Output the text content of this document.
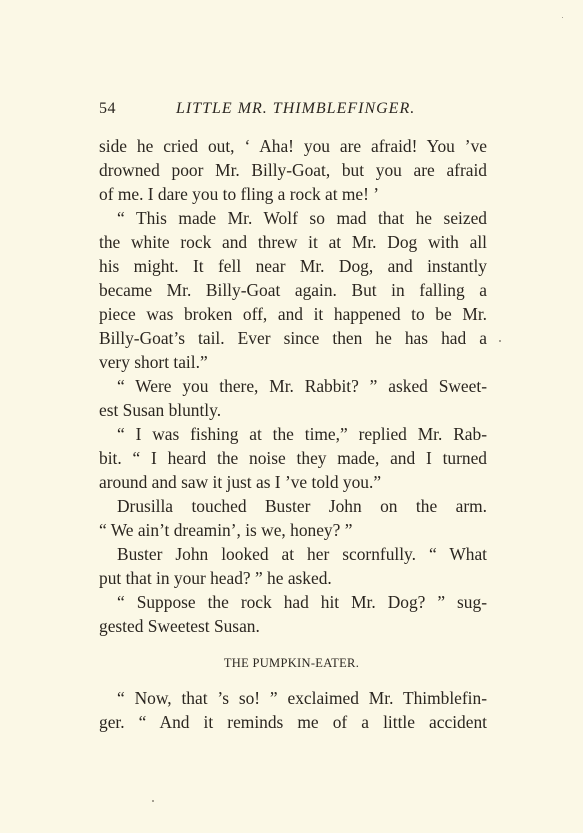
54	LITTLE MR. THIMBLEFINGER.
side he cried out, ‘ Aha! you are afraid! You ’ve
drowned poor Mr. Billy-Goat, but you are afraid
of me. I dare you to fling a rock at me! ’
“ This made Mr. Wolf so mad that he seized
the white rock and threw it at Mr. Dog with all
his might. It fell near Mr. Dog, and instantly
became Mr. Billy-Goat again. But in falling a
piece was broken off, and it happened to be Mr.
Billy-Goat’s tail. Ever since then he has had a
very short tail.”
“ Were you there, Mr. Rabbit? ” asked Sweet-
est Susan bluntly.
“ I was fishing at the time,” replied Mr. Rab-
bit. “ I heard the noise they made, and I turned
around and saw it just as I ’ve told you.”
Drusilla touched Buster John on the arm.
“ We ain’t dreamin’, is we, honey? ”
Buster John looked at her scornfully. “ What
put that in your head? ” he asked.
“ Suppose the rock had hit Mr. Dog? ” sug-
gested Sweetest Susan.
THE PUMPKIN-EATER.
“ Now, that ’s so! ” exclaimed Mr. Thimblefin-
ger. “ And it reminds me of a little accident
